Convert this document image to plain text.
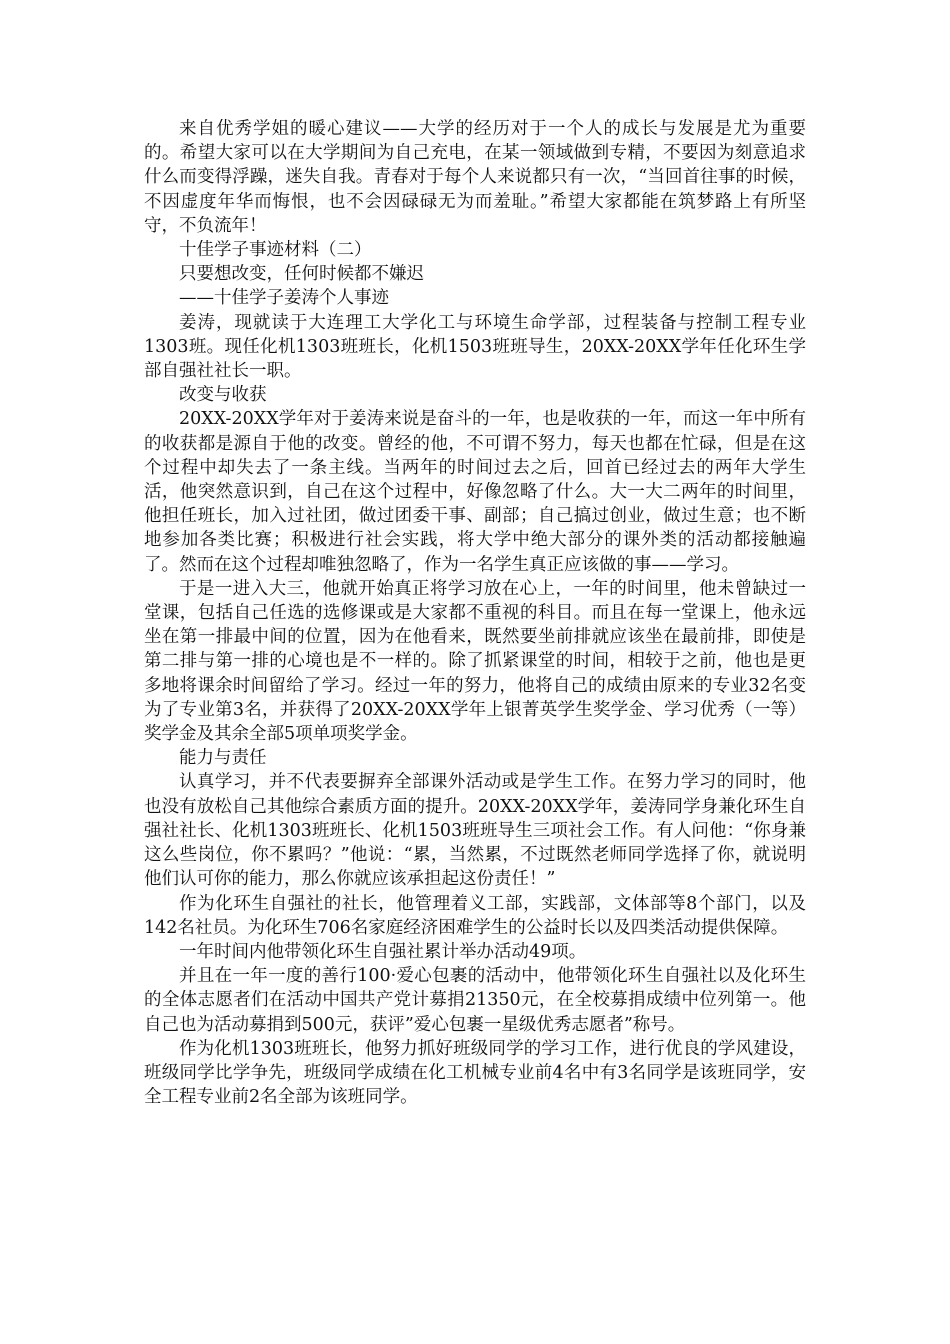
来自优秀学姐的暖心建议——大学的经历对于一个人的成长与发展是尤为重要的。希望大家可以在大学期间为自己充电，在某一领域做到专精，不要因为刻意追求什么而变得浮躁，迷失自我。青春对于每个人来说都只有一次，“当回首往事的时候，不因虚度年华而悔恨，也不会因碌碌无为而羞耻。”希望大家都能在筑梦路上有所坚守，不负流年！

十佳学子事迹材料（二）

只要想改变，任何时候都不嫌迟

——十佳学子姜涛个人事迹

姜涛，现就读于大连理工大学化工与环境生命学部，过程装备与控制工程专业1303班。现任化机1303班班长，化机1503班班导生，20XX-20XX学年任化环生学部自强社社长一职。

改变与收获

20XX-20XX学年对于姜涛来说是奋斗的一年，也是收获的一年，而这一年中所有的收获都是源自于他的改变。曾经的他，不可谓不努力，每天也都在忙碌，但是在这个过程中却失去了一条主线。当两年的时间过去之后，回首已经过去的两年大学生活，他突然意识到，自己在这个过程中，好像忽略了什么。大一大二两年的时间里，他担任班长，加入过社团，做过团委干事、副部；自己搞过创业，做过生意；也不断地参加各类比赛；积极进行社会实践，将大学中绝大部分的课外类的活动都接触遍了。然而在这个过程却唯独忽略了，作为一名学生真正应该做的事——学习。

于是一进入大三，他就开始真正将学习放在心上，一年的时间里，他未曾缺过一堂课，包括自己任选的选修课或是大家都不重视的科目。而且在每一堂课上，他永远坐在第一排最中间的位置，因为在他看来，既然要坐前排就应该坐在最前排，即使是第二排与第一排的心境也是不一样的。除了抓紧课堂的时间，相较于之前，他也是更多地将课余时间留给了学习。经过一年的努力，他将自己的成绩由原来的专业32名变为了专业第3名，并获得了20XX-20XX学年上银菁英学生奖学金、学习优秀（一等）奖学金及其余全部5项单项奖学金。

能力与责任

认真学习，并不代表要摒弃全部课外活动或是学生工作。在努力学习的同时，他也没有放松自己其他综合素质方面的提升。20XX-20XX学年，姜涛同学身兼化环生自强社社长、化机1303班班长、化机1503班班导生三项社会工作。有人问他：“你身兼这么些岗位，你不累吗？”他说：“累，当然累，不过既然老师同学选择了你，就说明他们认可你的能力，那么你就应该承担起这份责任！”

作为化环生自强社的社长，他管理着义工部，实践部，文体部等8个部门，以及142名社员。为化环生706名家庭经济困难学生的公益时长以及四类活动提供保障。

一年时间内他带领化环生自强社累计举办活动49项。

并且在一年一度的善行100·爱心包裹的活动中，他带领化环生自强社以及化环生的全体志愿者们在活动中国共产党计募捐21350元，在全校募捐成绩中位列第一。他自己也为活动募捐到500元，获评”爱心包裹一星级优秀志愿者”称号。

作为化机1303班班长，他努力抓好班级同学的学习工作，进行优良的学风建设，班级同学比学争先，班级同学成绩在化工机械专业前4名中有3名同学是该班同学，安全工程专业前2名全部为该班同学。
